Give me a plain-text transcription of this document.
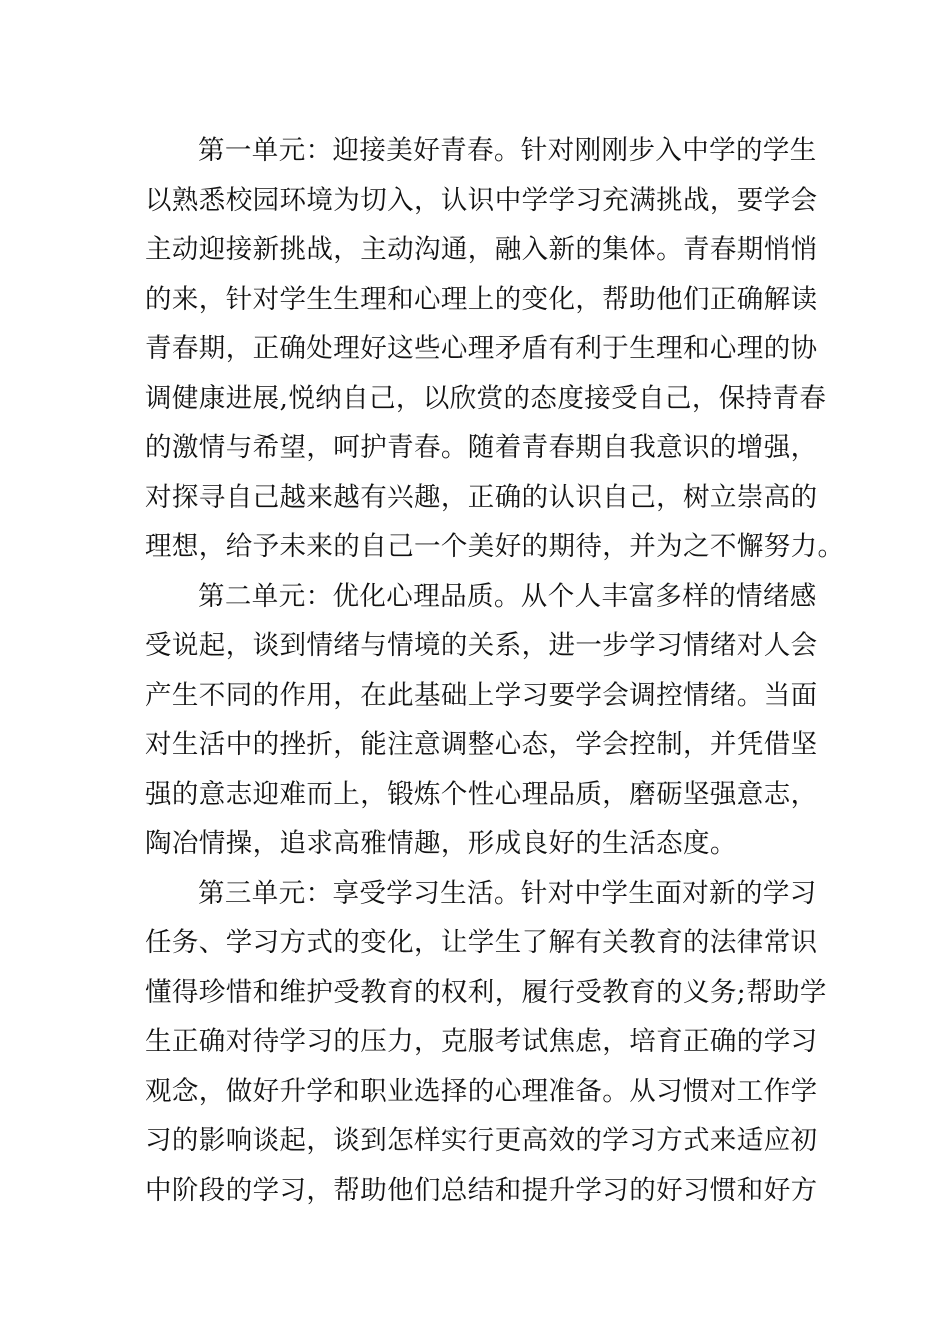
第一单元：迎接美好青春。针对刚刚步入中学的学生
以熟悉校园环境为切入，认识中学学习充满挑战，要学会
主动迎接新挑战，主动沟通，融入新的集体。青春期悄悄
的来，针对学生生理和心理上的变化，帮助他们正确解读
青春期，正确处理好这些心理矛盾有利于生理和心理的协
调健康进展,悦纳自己，以欣赏的态度接受自己，保持青春
的激情与希望，呵护青春。随着青春期自我意识的增强，
对探寻自己越来越有兴趣，正确的认识自己，树立崇高的
理想，给予未来的自己一个美好的期待，并为之不懈努力。
第二单元：优化心理品质。从个人丰富多样的情绪感
受说起，谈到情绪与情境的关系，进一步学习情绪对人会
产生不同的作用，在此基础上学习要学会调控情绪。当面
对生活中的挫折，能注意调整心态，学会控制，并凭借坚
强的意志迎难而上，锻炼个性心理品质，磨砺坚强意志，
陶冶情操，追求高雅情趣，形成良好的生活态度。
第三单元：享受学习生活。针对中学生面对新的学习
任务、学习方式的变化，让学生了解有关教育的法律常识
懂得珍惜和维护受教育的权利，履行受教育的义务;帮助学
生正确对待学习的压力，克服考试焦虑，培育正确的学习
观念，做好升学和职业选择的心理准备。从习惯对工作学
习的影响谈起，谈到怎样实行更高效的学习方式来适应初
中阶段的学习，帮助他们总结和提升学习的好习惯和好方
